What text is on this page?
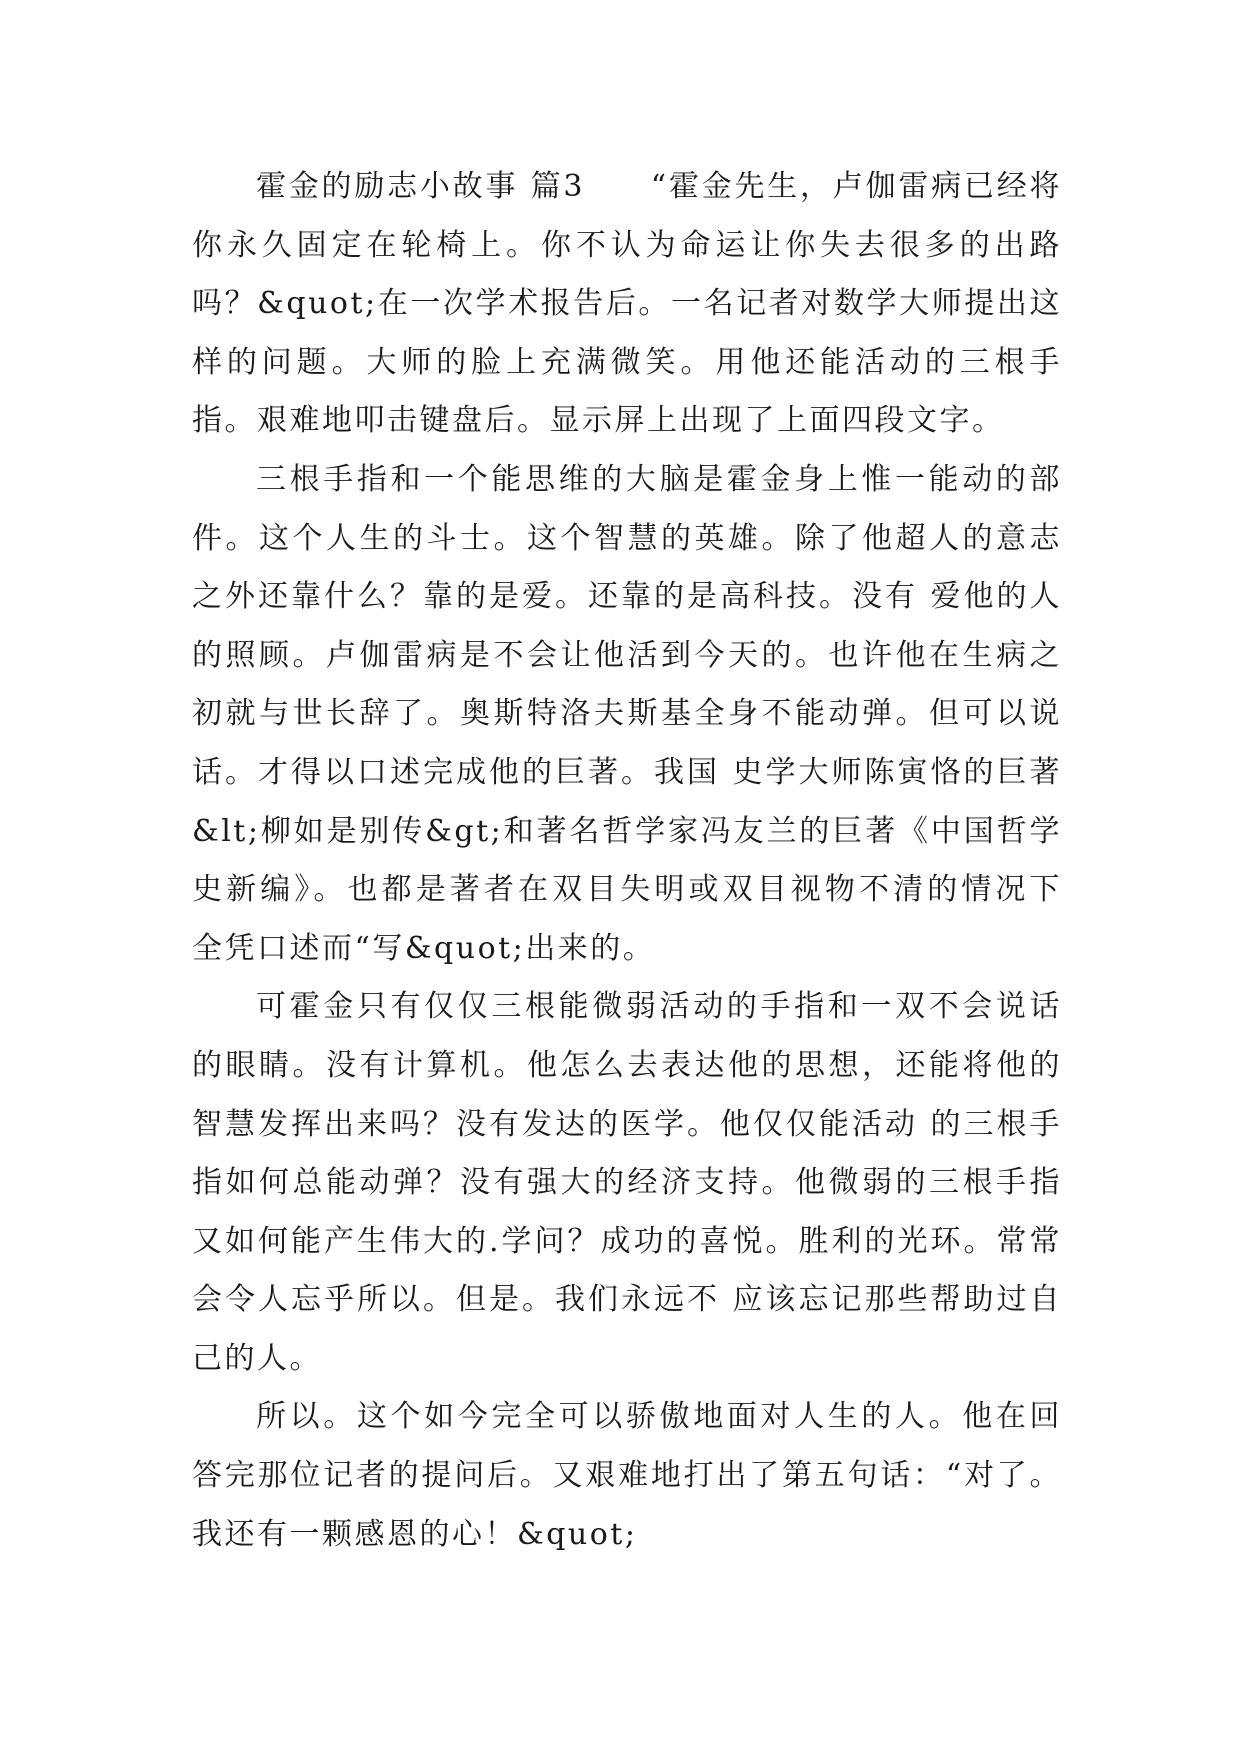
霍金的励志小故事 篇3　　“霍金先生，卢伽雷病已经将你永久固定在轮椅上。你不认为命运让你失去很多的出路吗？&quot;在一次学术报告后。一名记者对数学大师提出这样的问题。大师的脸上充满微笑。用他还能活动的三根手指。艰难地叩击键盘后。显示屏上出现了上面四段文字。

三根手指和一个能思维的大脑是霍金身上惟一能动的部件。这个人生的斗士。这个智慧的英雄。除了他超人的意志之外还靠什么？靠的是爱。还靠的是高科技。没有 爱他的人的照顾。卢伽雷病是不会让他活到今天的。也许他在生病之初就与世长辞了。奥斯特洛夫斯基全身不能动弹。但可以说话。才得以口述完成他的巨著。我国 史学大师陈寅恪的巨著&lt;柳如是别传&gt;和著名哲学家冯友兰的巨著《中国哲学史新编》。也都是著者在双目失明或双目视物不清的情况下 全凭口述而“写&quot;出来的。

可霍金只有仅仅三根能微弱活动的手指和一双不会说话的眼睛。没有计算机。他怎么去表达他的思想，还能将他的智慧发挥出来吗？没有发达的医学。他仅仅能活动 的三根手指如何总能动弹？没有强大的经济支持。他微弱的三根手指又如何能产生伟大的.学问？成功的喜悦。胜利的光环。常常会令人忘乎所以。但是。我们永远不 应该忘记那些帮助过自己的人。

所以。这个如今完全可以骄傲地面对人生的人。他在回答完那位记者的提问后。又艰难地打出了第五句话：“对了。我还有一颗感恩的心！&quot;
